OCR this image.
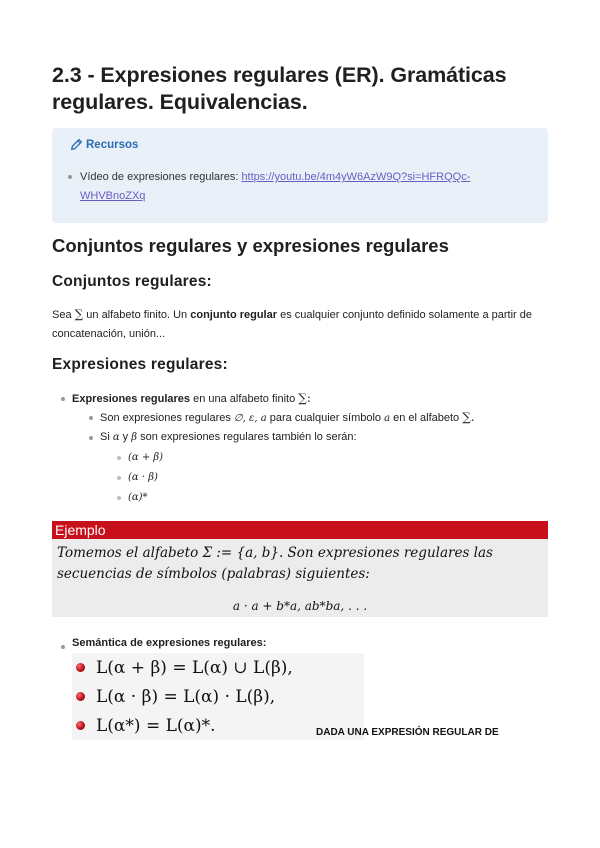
2.3 - Expresiones regulares (ER). Gramáticas regulares. Equivalencias.
Recursos
Vídeo de expresiones regulares: https://youtu.be/4m4yW6AzW9Q?si=HFRQQc-WHVBnoZXq
Conjuntos regulares y expresiones regulares
Conjuntos regulares:
Sea ∑ un alfabeto finito. Un conjunto regular es cualquier conjunto definido solamente a partir de concatenación, unión...
Expresiones regulares:
Expresiones regulares en una alfabeto finito ∑:
Son expresiones regulares ∅, ε, a para cualquier símbolo a en el alfabeto ∑.
Si α y β son expresiones regulares también lo serán:
(α + β)
(α · β)
(α)*
Ejemplo
Tomemos el alfabeto Σ := {a, b}. Son expresiones regulares las secuencias de símbolos (palabras) siguientes:
a · a + b*a, ab*ba, . . .
Semántica de expresiones regulares:
L(α + β) = L(α) ∪ L(β),
L(α · β) = L(α) · L(β),
L(α*) = L(α)*.	DADA UNA EXPRESIÓN REGULAR DE
